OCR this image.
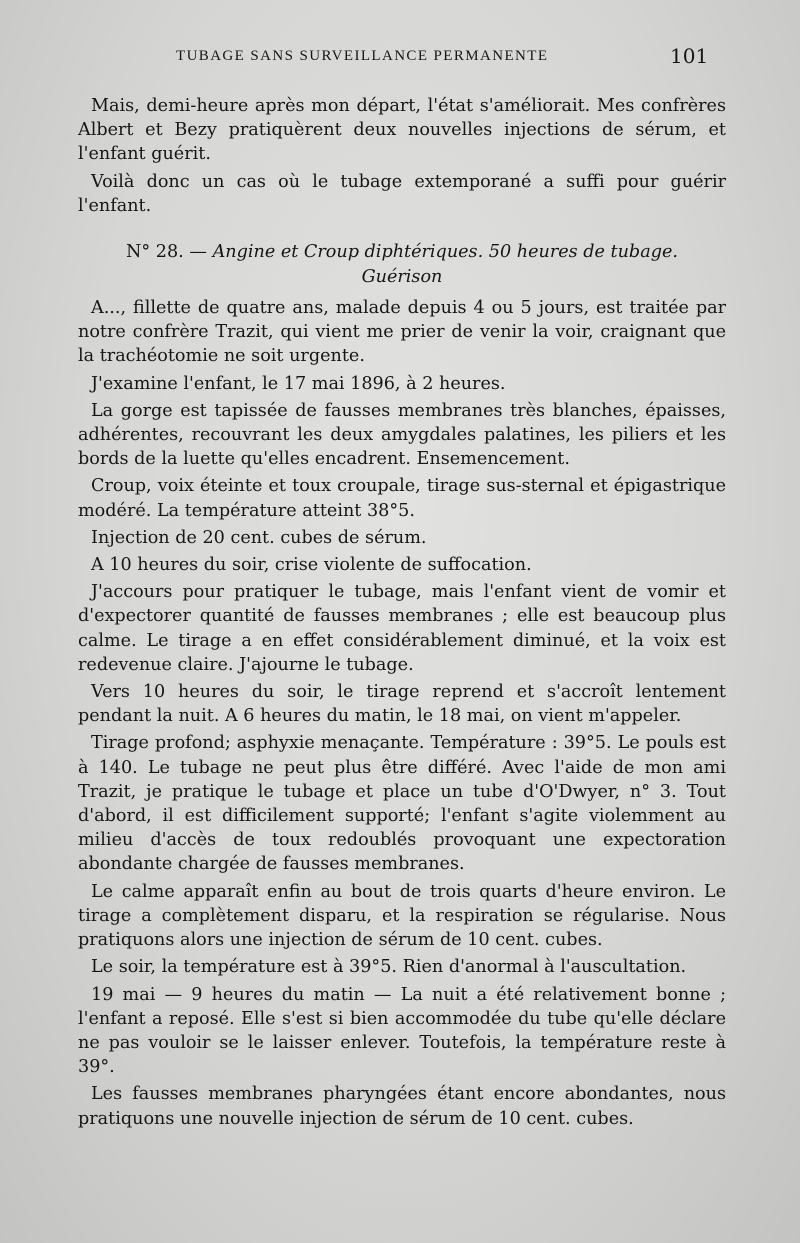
TUBAGE SANS SURVEILLANCE PERMANENTE	101

Mais, demi-heure après mon départ, l'état s'améliorait. Mes confrères Albert et Bezy pratiquèrent deux nouvelles injections de sérum, et l'enfant guérit.

Voilà donc un cas où le tubage extemporané a suffi pour guérir l'enfant.

N° 28. — Angine et Croup diphtériques. 50 heures de tubage.
Guérison

A..., fillette de quatre ans, malade depuis 4 ou 5 jours, est traitée par notre confrère Trazit, qui vient me prier de venir la voir, craignant que la trachéotomie ne soit urgente.

J'examine l'enfant, le 17 mai 1896, à 2 heures.

La gorge est tapissée de fausses membranes très blanches, épaisses, adhérentes, recouvrant les deux amygdales palatines, les piliers et les bords de la luette qu'elles encadrent. Ensemencement.

Croup, voix éteinte et toux croupale, tirage sus-sternal et épigastrique modéré. La température atteint 38°5.

Injection de 20 cent. cubes de sérum.

A 10 heures du soir, crise violente de suffocation.

J'accours pour pratiquer le tubage, mais l'enfant vient de vomir et d'expectorer quantité de fausses membranes ; elle est beaucoup plus calme. Le tirage a en effet considérablement diminué, et la voix est redevenue claire. J'ajourne le tubage.

Vers 10 heures du soir, le tirage reprend et s'accroît lentement pendant la nuit. A 6 heures du matin, le 18 mai, on vient m'appeler.

Tirage profond; asphyxie menaçante. Température : 39°5. Le pouls est à 140. Le tubage ne peut plus être différé. Avec l'aide de mon ami Trazit, je pratique le tubage et place un tube d'O'Dwyer, n° 3. Tout d'abord, il est difficilement supporté; l'enfant s'agite violemment au milieu d'accès de toux redoublés provoquant une expectoration abondante chargée de fausses membranes.

Le calme apparaît enfin au bout de trois quarts d'heure environ. Le tirage a complètement disparu, et la respiration se régularise. Nous pratiquons alors une injection de sérum de 10 cent. cubes.

Le soir, la température est à 39°5. Rien d'anormal à l'auscultation.

19 mai — 9 heures du matin — La nuit a été relativement bonne ; l'enfant a reposé. Elle s'est si bien accommodée du tube qu'elle déclare ne pas vouloir se le laisser enlever. Toutefois, la température reste à 39°.

Les fausses membranes pharyngées étant encore abondantes, nous pratiquons une nouvelle injection de sérum de 10 cent. cubes.
